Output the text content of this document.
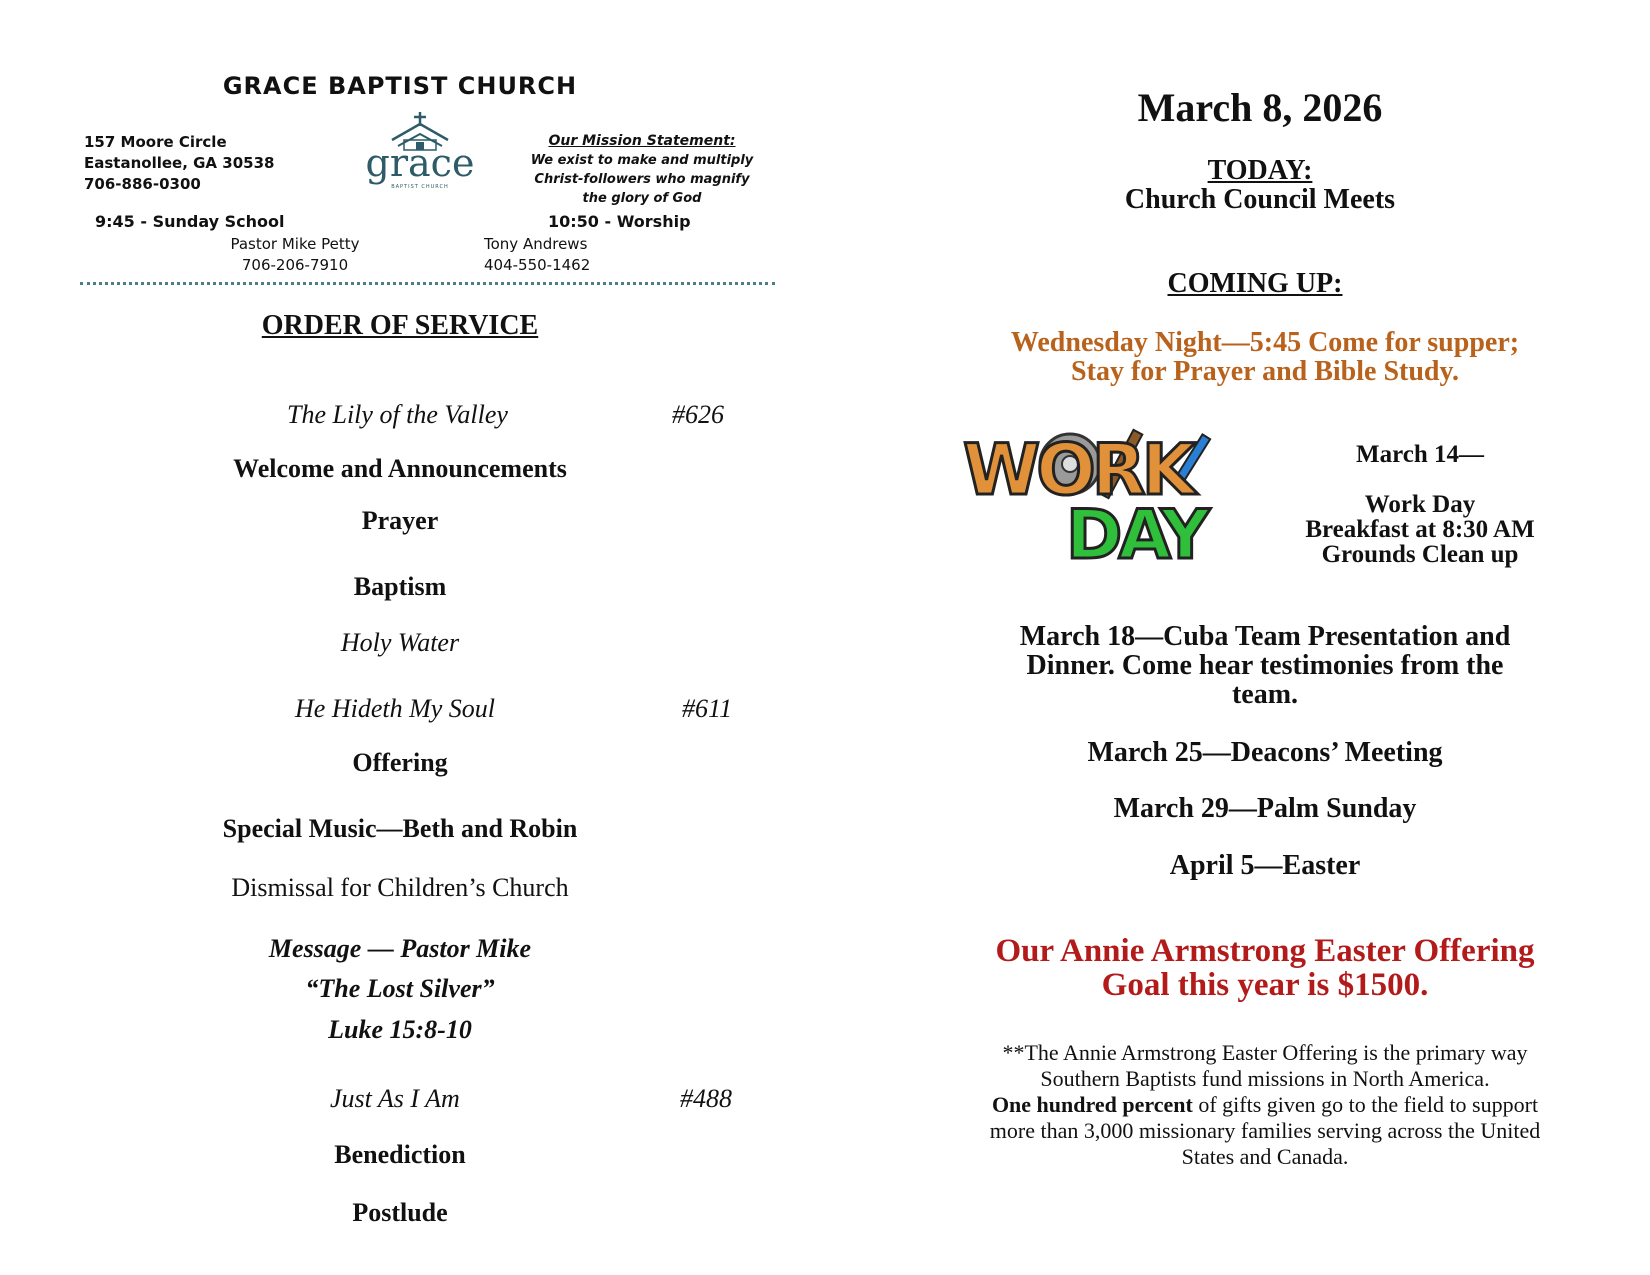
GRACE BAPTIST CHURCH
157 Moore Circle
Eastanollee, GA 30538
706-886-0300	grace
BAPTIST CHURCH
Our Mission Statement:
We exist to make and multiply
Christ-followers who magnify
the glory of God
9:45 - Sunday School	10:50 - Worship
Pastor Mike Petty
706-206-7910
Tony Andrews
404-550-1462
ORDER OF SERVICE
The Lily of the Valley	#626
Welcome and Announcements
Prayer
Baptism
Holy Water
He Hideth My Soul	#611
Offering
Special Music—Beth and Robin
Dismissal for Children’s Church
Message — Pastor Mike
“The Lost Silver”
Luke 15:8-10
Just As I Am	#488
Benediction
Postlude
March 8, 2026
TODAY:
Church Council Meets
COMING UP:
Wednesday Night—5:45 Come for supper;
Stay for Prayer and Bible Study.
WORK
DAY
March 14—
Work Day
Breakfast at 8:30 AM
Grounds Clean up
March 18—Cuba Team Presentation and
Dinner. Come hear testimonies from the
team.
March 25—Deacons’ Meeting
March 29—Palm Sunday
April 5—Easter
Our Annie Armstrong Easter Offering
Goal this year is $1500.
**The Annie Armstrong Easter Offering is the primary way
Southern Baptists fund missions in North America.
One hundred percent of gifts given go to the field to support
more than 3,000 missionary families serving across the United
States and Canada.
